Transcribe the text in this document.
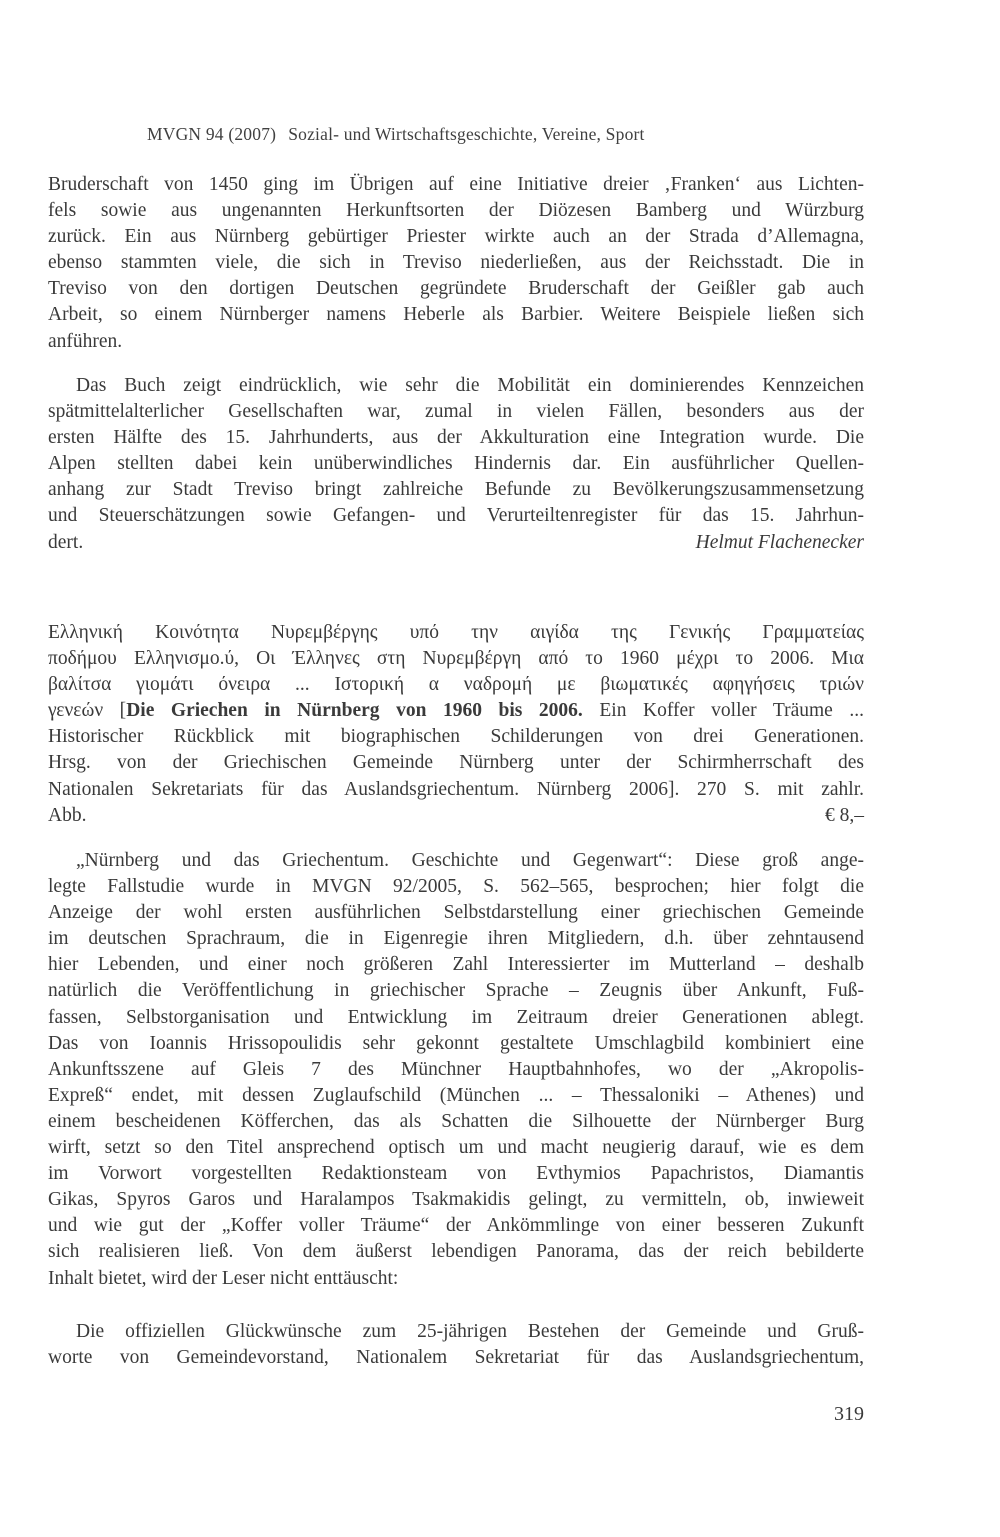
MVGN 94 (2007) Sozial- und Wirtschaftsgeschichte, Vereine, Sport
Bruderschaft von 1450 ging im Übrigen auf eine Initiative dreier ‚Franken‘ aus Lichten-
fels sowie aus ungenannten Herkunftsorten der Diözesen Bamberg und Würzburg
zurück. Ein aus Nürnberg gebürtiger Priester wirkte auch an der Strada d’Allemagna,
ebenso stammten viele, die sich in Treviso niederließen, aus der Reichsstadt. Die in
Treviso von den dortigen Deutschen gegründete Bruderschaft der Geißler gab auch
Arbeit, so einem Nürnberger namens Heberle als Barbier. Weitere Beispiele ließen sich
anführen.
Das Buch zeigt eindrücklich, wie sehr die Mobilität ein dominierendes Kennzeichen
spätmittelalterlicher Gesellschaften war, zumal in vielen Fällen, besonders aus der
ersten Hälfte des 15. Jahrhunderts, aus der Akkulturation eine Integration wurde. Die
Alpen stellten dabei kein unüberwindliches Hindernis dar. Ein ausführlicher Quellen-
anhang zur Stadt Treviso bringt zahlreiche Befunde zu Bevölkerungszusammensetzung
und Steuerschätzungen sowie Gefangen- und Verurteiltenregister für das 15. Jahrhun-
dert.	Helmut Flachenecker
Ελληνική Κοινότητα Νυρεμβέργης υπό την αιγίδα της Γενικής Γραμματείας
ποδήμου Ελληνισμο.ύ, Οι Έλληνες στη Νυρεμβέργη από το 1960 μέχρι το 2006. Μια
βαλίτσα γιομάτι όνειρα ... Ιστορική α ναδρομή με βιωματικές αφηγήσεις τριών
γενεών [Die Griechen in Nürnberg von 1960 bis 2006. Ein Koffer voller Träume ...
Historischer Rückblick mit biographischen Schilderungen von drei Generationen.
Hrsg. von der Griechischen Gemeinde Nürnberg unter der Schirmherrschaft des
Nationalen Sekretariats für das Auslandsgriechentum. Nürnberg 2006]. 270 S. mit zahlr.
Abb.	€ 8,–
„Nürnberg und das Griechentum. Geschichte und Gegenwart“: Diese groß ange-
legte Fallstudie wurde in MVGN 92/2005, S. 562–565, besprochen; hier folgt die
Anzeige der wohl ersten ausführlichen Selbstdarstellung einer griechischen Gemeinde
im deutschen Sprachraum, die in Eigenregie ihren Mitgliedern, d.h. über zehntausend
hier Lebenden, und einer noch größeren Zahl Interessierter im Mutterland – deshalb
natürlich die Veröffentlichung in griechischer Sprache – Zeugnis über Ankunft, Fuß-
fassen, Selbstorganisation und Entwicklung im Zeitraum dreier Generationen ablegt.
Das von Ioannis Hrissopoulidis sehr gekonnt gestaltete Umschlagbild kombiniert eine
Ankunftsszene auf Gleis 7 des Münchner Hauptbahnhofes, wo der „Akropolis-
Expreß“ endet, mit dessen Zuglaufschild (München ... – Thessaloniki – Athenes) und
einem bescheidenen Köfferchen, das als Schatten die Silhouette der Nürnberger Burg
wirft, setzt so den Titel ansprechend optisch um und macht neugierig darauf, wie es dem
im Vorwort vorgestellten Redaktionsteam von Evthymios Papachristos, Diamantis
Gikas, Spyros Garos und Haralampos Tsakmakidis gelingt, zu vermitteln, ob, inwieweit
und wie gut der „Koffer voller Träume“ der Ankömmlinge von einer besseren Zukunft
sich realisieren ließ. Von dem äußerst lebendigen Panorama, das der reich bebilderte
Inhalt bietet, wird der Leser nicht enttäuscht:
Die offiziellen Glückwünsche zum 25-jährigen Bestehen der Gemeinde und Gruß-
worte von Gemeindevorstand, Nationalem Sekretariat für das Auslandsgriechentum,
319
